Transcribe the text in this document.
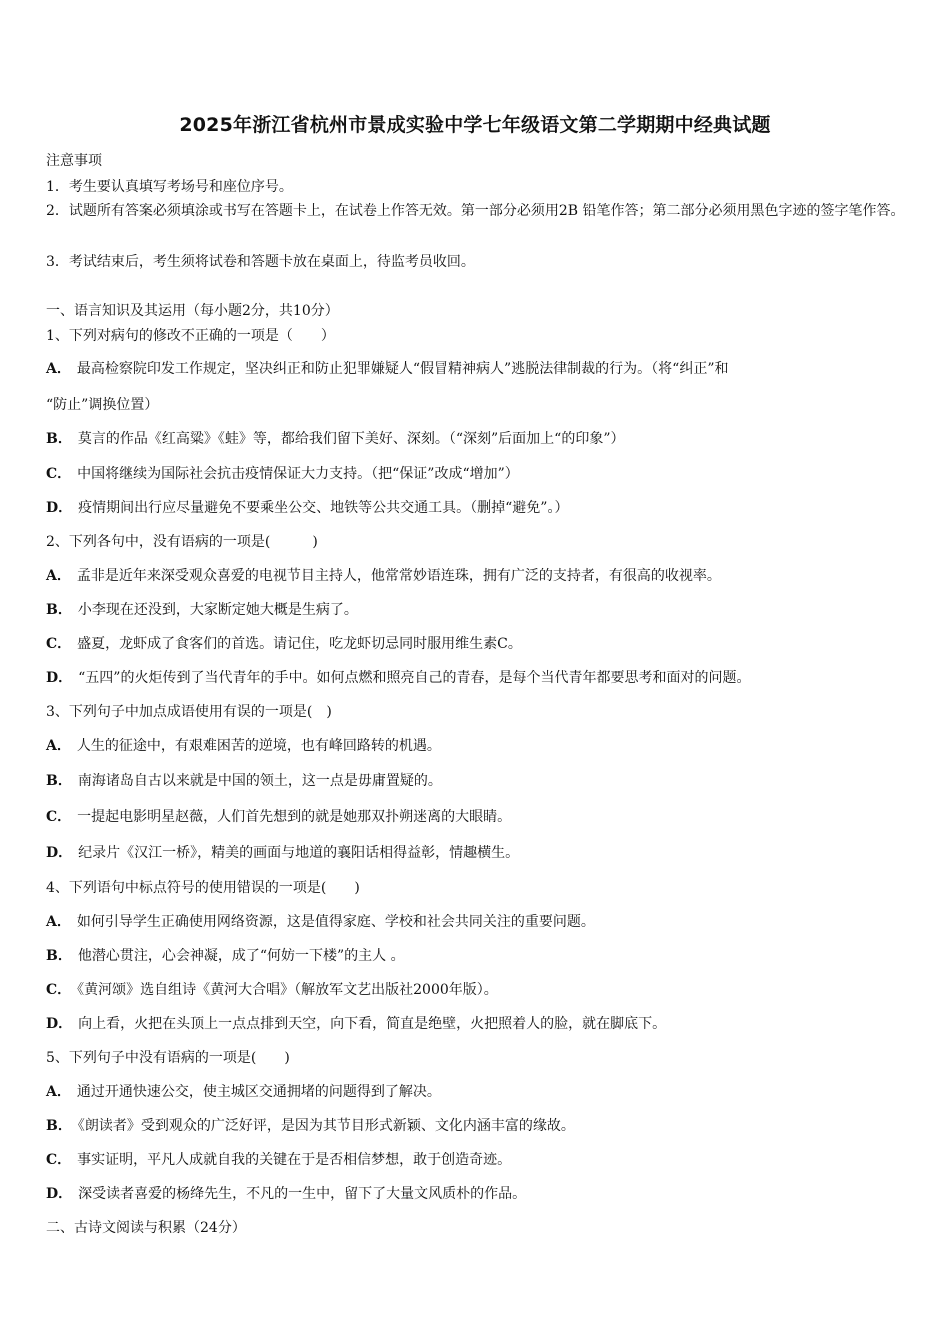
2025年浙江省杭州市景成实验中学七年级语文第二学期期中经典试题
注意事项
1．考生要认真填写考场号和座位序号。
2．试题所有答案必须填涂或书写在答题卡上，在试卷上作答无效。第一部分必须用2B 铅笔作答；第二部分必须用黑色字迹的签字笔作答。
3．考试结束后，考生须将试卷和答题卡放在桌面上，待监考员收回。
一、语言知识及其运用（每小题2分，共10分）
1、下列对病句的修改不正确的一项是（　　）
A． 最高检察院印发工作规定，坚决纠正和防止犯罪嫌疑人“假冒精神病人”逃脱法律制裁的行为。（将“纠正”和
“防止”调换位置）
B． 莫言的作品《红高粱》《蛙》等，都给我们留下美好、深刻。（“深刻”后面加上“的印象”）
C． 中国将继续为国际社会抗击疫情保证大力支持。（把“保证”改成“增加”）
D． 疫情期间出行应尽量避免不要乘坐公交、地铁等公共交通工具。（删掉“避免”。）
2、下列各句中，没有语病的一项是(　　　)
A． 孟非是近年来深受观众喜爱的电视节目主持人，他常常妙语连珠，拥有广泛的支持者，有很高的收视率。
B． 小李现在还没到，大家断定她大概是生病了。
C． 盛夏，龙虾成了食客们的首选。请记住，吃龙虾切忌同时服用维生素C。
D． “五四”的火炬传到了当代青年的手中。如何点燃和照亮自己的青春，是每个当代青年都要思考和面对的问题。
3、下列句子中加点成语使用有误的一项是(　)
A． 人生的征途中，有艰难困苦的逆境，也有峰回路转的机遇。
B． 南海诸岛自古以来就是中国的领土，这一点是毋庸置疑的。
C． 一提起电影明星赵薇，人们首先想到的就是她那双扑朔迷离的大眼睛。
D． 纪录片《汉江一桥》，精美的画面与地道的襄阳话相得益彰，情趣横生。
4、下列语句中标点符号的使用错误的一项是(　　)
A． 如何引导学生正确使用网络资源，这是值得家庭、学校和社会共同关注的重要问题。
B． 他潜心贯注，心会神凝，成了“何妨一下楼”的主人 。
C． 《黄河颂》选自组诗《黄河大合唱》（解放军文艺出版社2000年版）。
D． 向上看，火把在头顶上一点点排到天空，向下看，简直是绝壁，火把照着人的脸，就在脚底下。
5、下列句子中没有语病的一项是(　　)
A． 通过开通快速公交，使主城区交通拥堵的问题得到了解决。
B． 《朗读者》受到观众的广泛好评，是因为其节目形式新颖、文化内涵丰富的缘故。
C． 事实证明，平凡人成就自我的关键在于是否相信梦想，敢于创造奇迹。
D． 深受读者喜爱的杨绛先生，不凡的一生中，留下了大量文风质朴的作品。
二、古诗文阅读与积累（24分）
